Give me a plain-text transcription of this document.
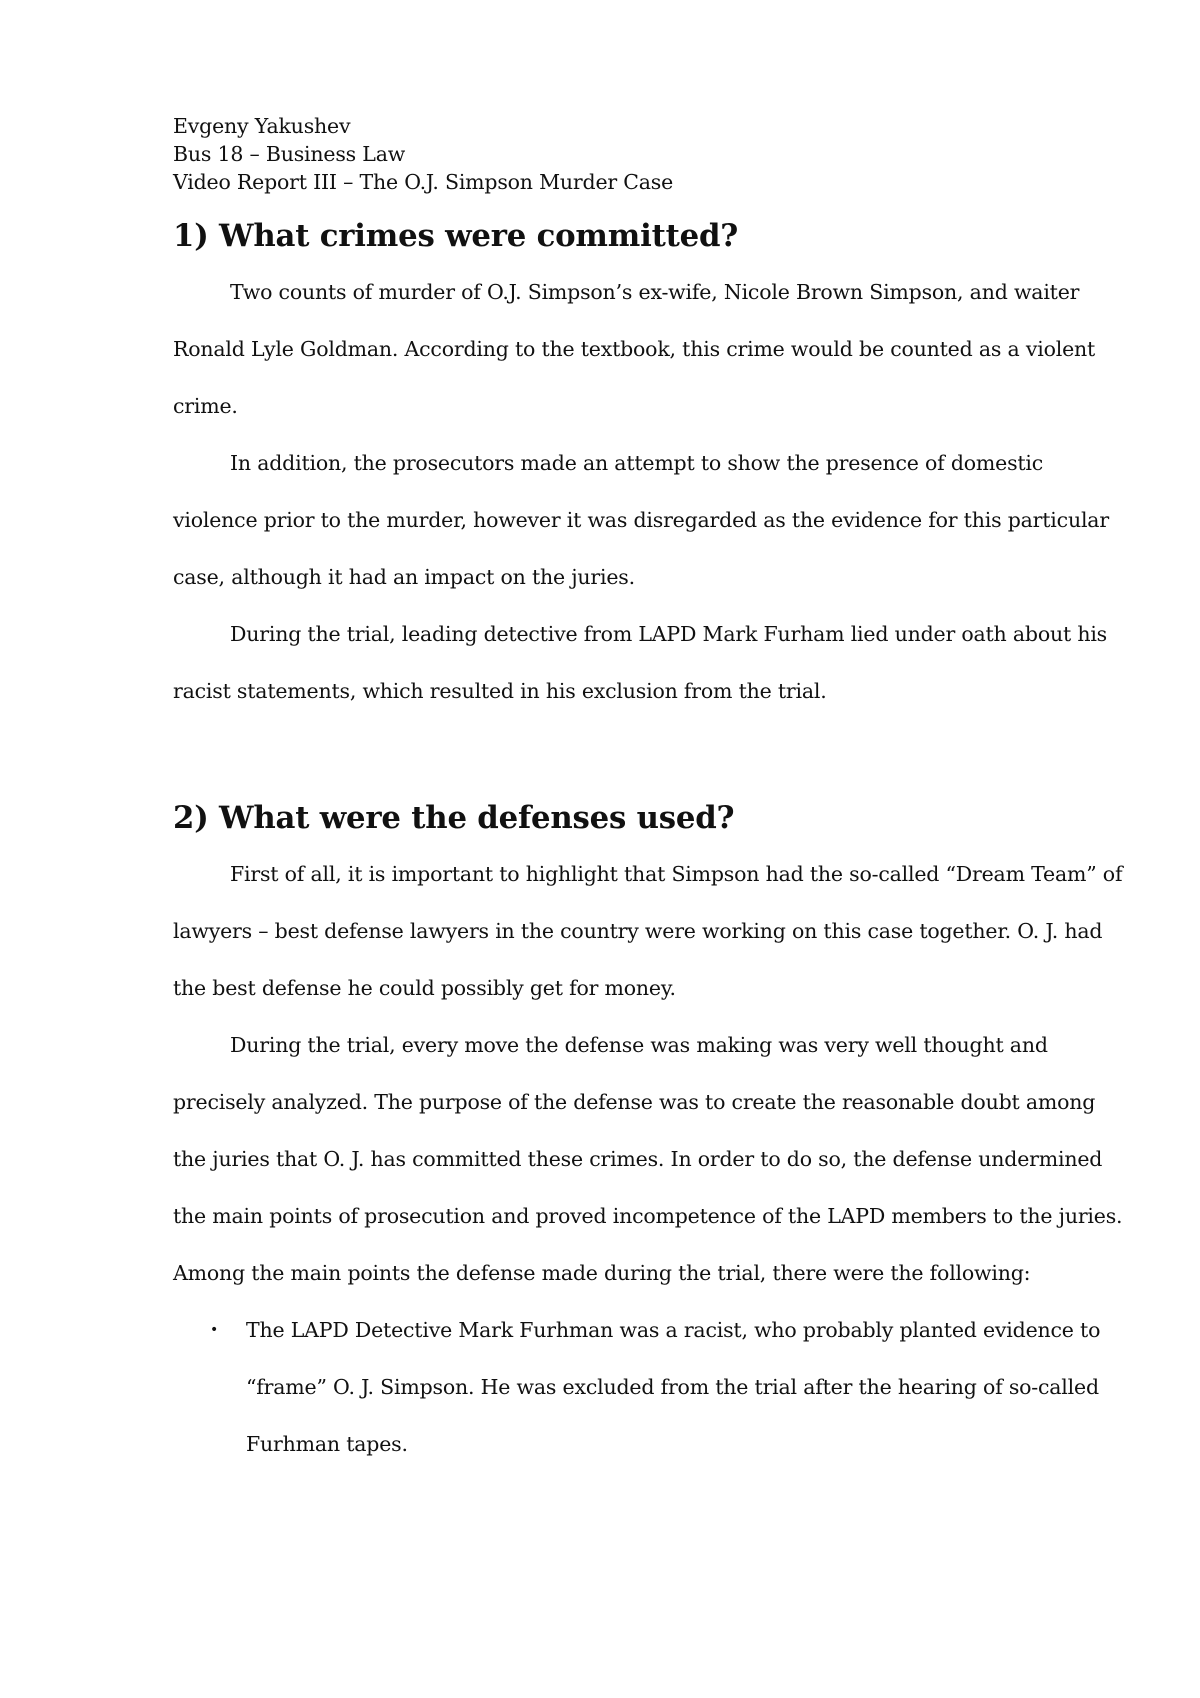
Evgeny Yakushev

Bus 18 – Business Law

Video Report III – The O.J. Simpson Murder Case

1) What crimes were committed?

Two counts of murder of O.J. Simpson’s ex-wife, Nicole Brown Simpson, and waiter Ronald Lyle Goldman. According to the textbook, this crime would be counted as a violent crime.

In addition, the prosecutors made an attempt to show the presence of domestic violence prior to the murder, however it was disregarded as the evidence for this particular case, although it had an impact on the juries.

During the trial, leading detective from LAPD Mark Furham lied under oath about his racist statements, which resulted in his exclusion from the trial.

2) What were the defenses used?

First of all, it is important to highlight that Simpson had the so-called “Dream Team” of lawyers – best defense lawyers in the country were working on this case together. O. J. had the best defense he could possibly get for money.

During the trial, every move the defense was making was very well thought and precisely analyzed. The purpose of the defense was to create the reasonable doubt among the juries that O. J. has committed these crimes. In order to do so, the defense undermined the main points of prosecution and proved incompetence of the LAPD members to the juries.

Among the main points the defense made during the trial, there were the following:

• The LAPD Detective Mark Furhman was a racist, who probably planted evidence to “frame” O. J. Simpson. He was excluded from the trial after the hearing of so-called Furhman tapes.
